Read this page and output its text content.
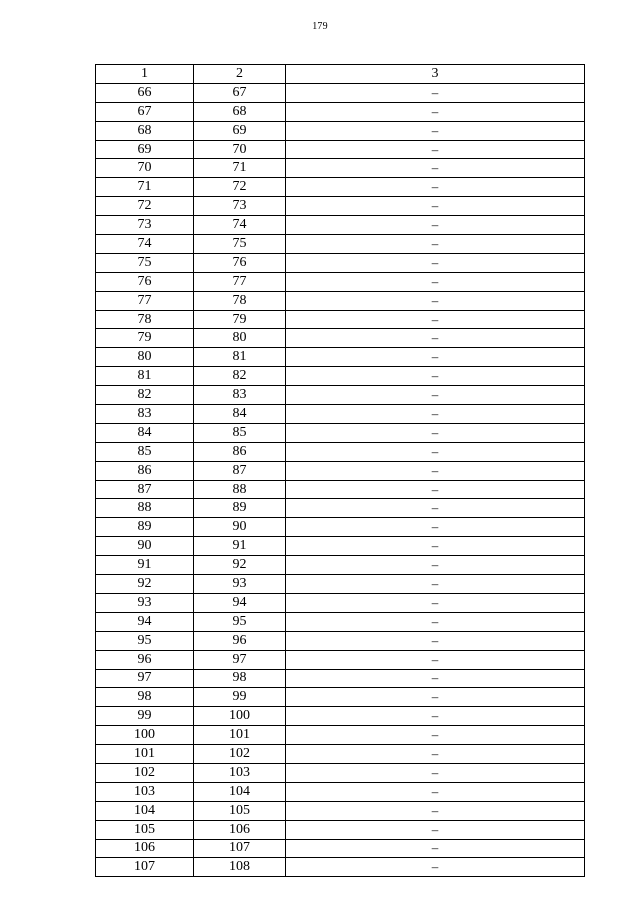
179
1	2	3
66	67	–
67	68	–
68	69	–
69	70	–
70	71	–
71	72	–
72	73	–
73	74	–
74	75	–
75	76	–
76	77	–
77	78	–
78	79	–
79	80	–
80	81	–
81	82	–
82	83	–
83	84	–
84	85	–
85	86	–
86	87	–
87	88	–
88	89	–
89	90	–
90	91	–
91	92	–
92	93	–
93	94	–
94	95	–
95	96	–
96	97	–
97	98	–
98	99	–
99	100	–
100	101	–
101	102	–
102	103	–
103	104	–
104	105	–
105	106	–
106	107	–
107	108	–
